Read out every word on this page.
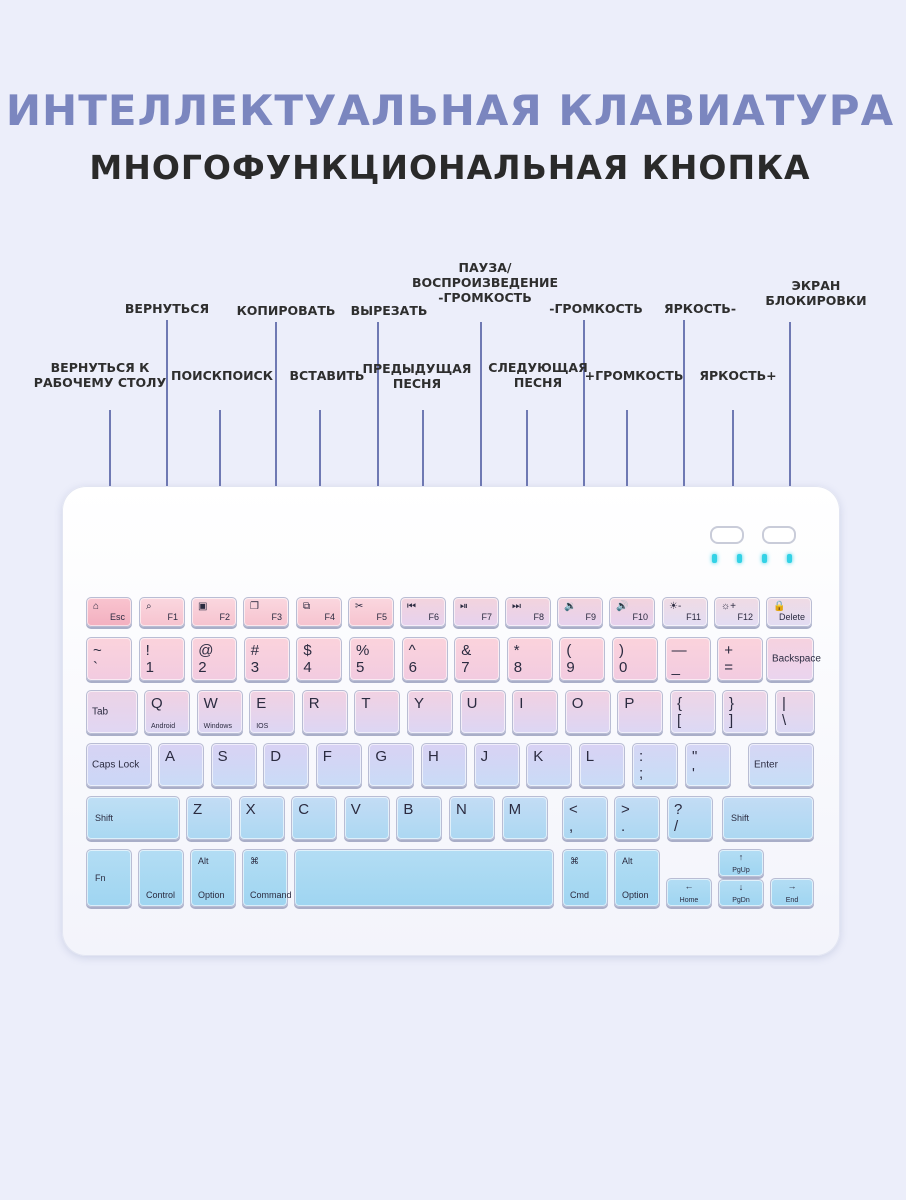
ИНТЕЛЛЕКТУАЛЬНАЯ КЛАВИАТУРА
МНОГОФУНКЦИОНАЛЬНАЯ КНОПКА
⌂
Esc
⌕
F1
▣
F2
❐
F3
⧉
F4
✂
F5
⏮
F6
⏯
F7
⏭
F8
🔉
F9
🔊
F10
☀-
F11
☼+
F12
🔒
Delete
~
`
!
1
@
2
#
3
$
4
%
5
^
6
&
7
*
8
(
9
)
0
—
_
+
=	Backspace
Tab	Q
Android
W
Windows
E
IOS
R	T	Y	U	I	O	P	{
[
}
]
|
\
Caps Lock A	S	D	F	G	H	J	K	L	:
;
"
'	Enter
Shift	Z	X	C	V	B	N	M	<
,
>
.
?
/	Shift
Fn
Control
Alt
Option
⌘
Command
⌘
Cmd
Alt
Option
←
Home
↑
PgUp
↓
PgDn
→
End
ВЕРНУТЬСЯ К
РАБОЧЕМУ СТОЛУ
ВЕРНУТЬСЯ
ПОИСКПОИСК
КОПИРОВАТЬ
ВСТАВИТЬ
ВЫРЕЗАТЬ
ПРЕДЫДУЩАЯ
ПЕСНЯ
ПАУЗА/
ВОСПРОИЗВЕДЕНИЕ
-ГРОМКОСТЬ
СЛЕДУЮЩАЯ
ПЕСНЯ
-ГРОМКОСТЬ
+ГРОМКОСТЬ
ЯРКОСТЬ-
ЯРКОСТЬ+
ЭКРАН
БЛОКИРОВКИ
